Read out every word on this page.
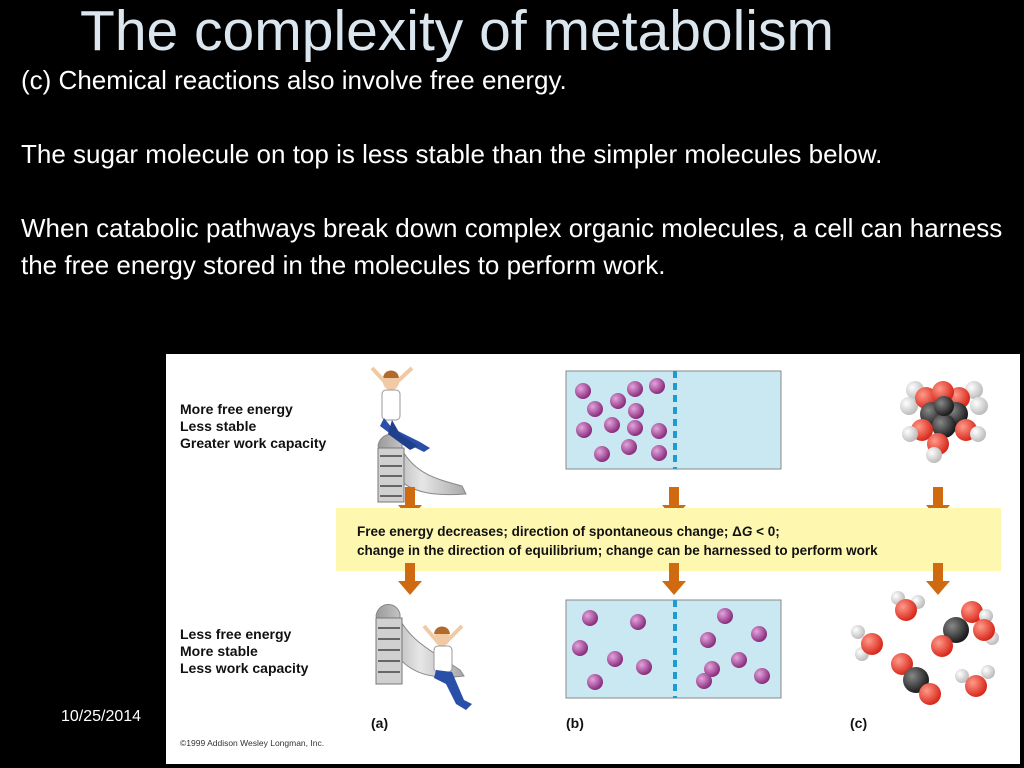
The complexity of metabolism

(c) Chemical reactions also involve free energy.

The sugar molecule on top is less stable than the simpler molecules below.

When catabolic pathways break down complex organic molecules, a cell can harness the free energy stored in the molecules to perform work.

10/25/2014
More free energy
Less stable
Greater work capacity
Less free energy
More stable
Less work capacity
Free energy decreases; direction of spontaneous change; ΔG < 0;
change in the direction of equilibrium; change can be harnessed to perform work
(a)	(b)	(c)
©1999 Addison Wesley Longman, Inc.
